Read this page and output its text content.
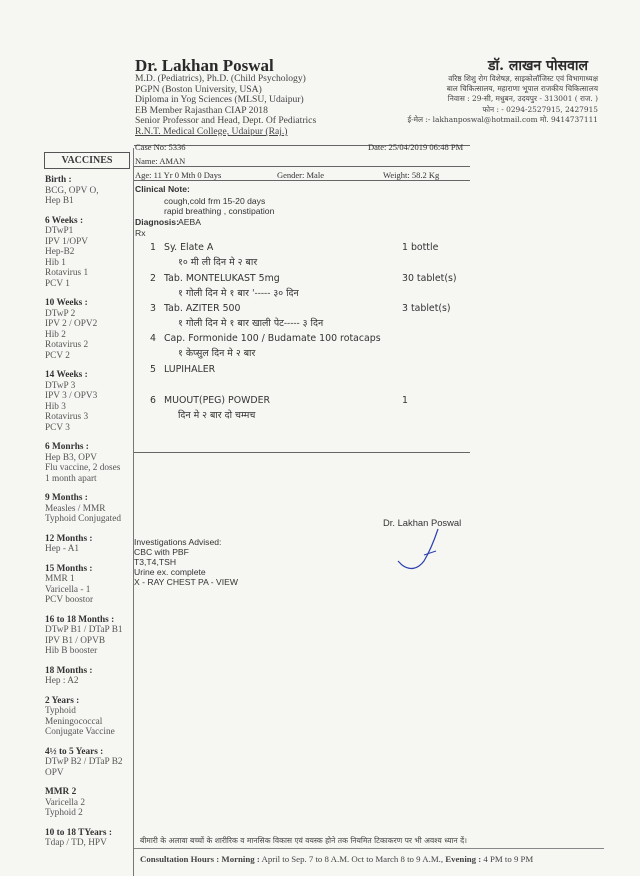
Dr. Lakhan Poswal
M.D. (Pediatrics), Ph.D. (Child Psychology)
PGPN (Boston University, USA)
Diploma in Yog Sciences (MLSU, Udaipur)
EB Member Rajasthan CIAP 2018
Senior Professor and Head, Dept. Of Pediatrics
R.N.T. Medical College, Udaipur (Raj.)
डॉ. लाखन पोसवाल
वरिष्ठ शिशु रोग विशेषज्ञ, साइकोलॉजिस्ट एवं विभागाध्यक्ष
बाल चिकित्सालय, महाराणा भूपाल राजकीय चिकित्सालय
निवास : 29-सी, मधुबन, उदयपुर - 313001 ( राज. )
फोन : - 0294-2527915, 2427915
ई-मेल :- lakhanposwal@hotmail.com मो. 9414737111
VACCINES
Birth :
BCG, OPV O,
Hep B1
6 Weeks :
DTwP1
IPV 1/OPV
Hep-B2
Hib 1
Rotavirus 1
PCV 1
10 Weeks :
DTwP 2
IPV 2 / OPV2
Hib 2
Rotavirus 2
PCV 2
14 Weeks :
DTwP 3
IPV 3 / OPV3
Hib 3
Rotavirus 3
PCV 3
6 Monrhs :
Hep B3, OPV
Flu vaccine, 2 doses
1 month apart
9 Months :
Measles / MMR
Typhoid Conjugated
12 Months :
Hep - A1
15 Months :
MMR 1
Varicella - 1
PCV boostor
16 to 18 Months :
DTwP B1 / DTaP B1
IPV B1 / OPVB
Hib B booster
18 Months :
Hep : A2
2 Years :
Typhoid
Meningococcal
Conjugate Vaccine
4½ to 5 Years :
DTwP B2 / DTaP B2
OPV
MMR 2
Varicella 2
Typhoid 2
10 to 18 TYears :
Tdap / TD, HPV
Case No: 5336	Date: 25/04/2019 06:48 PM
Name: AMAN
Age: 11 Yr 0 Mth 0 Days	Gender: Male	Weight: 58.2 Kg
Clinical Note:
cough,cold frm 15-20 days
rapid breathing , constipation
Diagnosis: AEBA
Rx
1 Sy. Elate A	1 bottle
१० मी ली दिन मे २ बार
2 Tab. MONTELUKAST 5mg	30 tablet(s)
१ गोली दिन मे १ बार '----- ३० दिन
3 Tab. AZITER 500	3 tablet(s)
१ गोली दिन मे १ बार खाली पेट----- ३ दिन
4 Cap. Formonide 100 / Budamate 100 rotacaps
१ केप्सुल दिन मे २ बार
5 LUPIHALER
6 MUOUT(PEG) POWDER	1
दिन मे २ बार दो चम्मच
Dr. Lakhan Poswal
Investigations Advised:
CBC with PBF
T3,T4,TSH
Urine ex. complete
X - RAY CHEST PA - VIEW
बीमारी के अलावा बच्चों के शारीरिक व मानसिक विकास एवं वयस्क होने तक नियमित टिकाकरण पर भी अवश्य ध्यान दें।
Consultation Hours : Morning : April to Sep. 7 to 8 A.M. Oct to March 8 to 9 A.M., Evening : 4 PM to 9 PM
